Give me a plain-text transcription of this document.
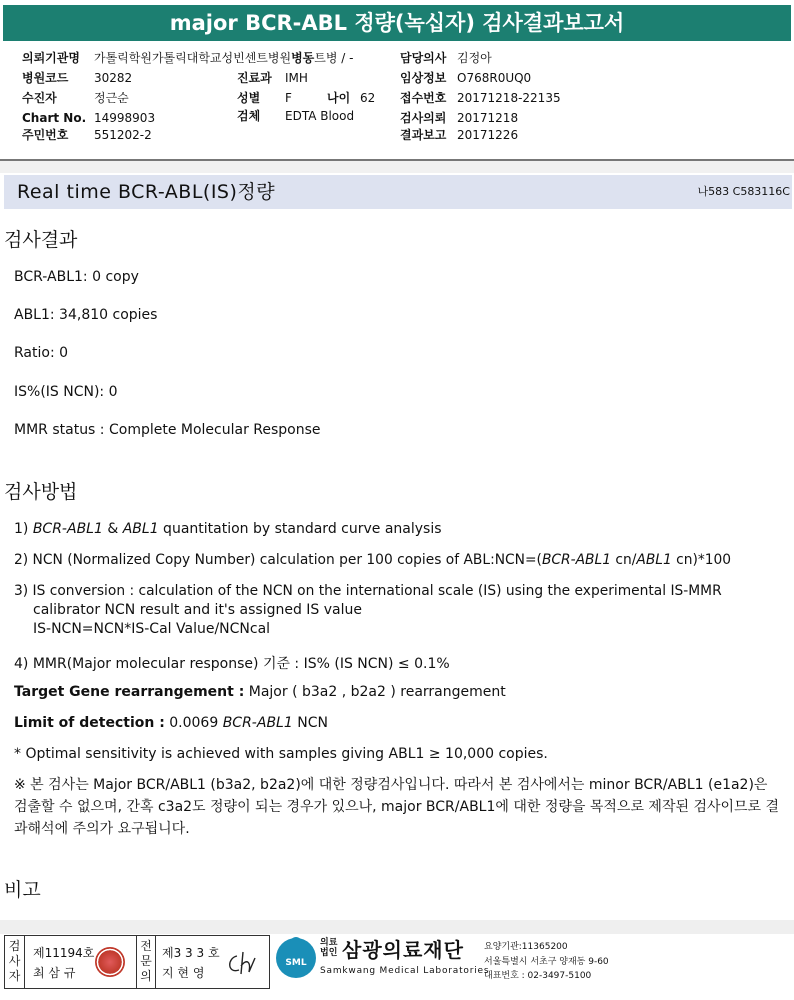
major BCR-ABL 정량(녹십자) 검사결과보고서
의뢰기관명 가톨릭학원가톨릭대학교성빈센트병원병동트병 / -	담당의사 김정아
병원코드 30282	진료과 IMH	임상정보 O768R0UQ0
수진자	정근순	성별 F	나이 62 접수번호 20171218-22135
Chart No. 14998903	검체 EDTA Blood	검사의뢰 20171218
주민번호 551202-2	결과보고 20171226
Real time BCR-ABL(IS)정량	나583 C583116C
검사결과
BCR-ABL1: 0 copy
ABL1: 34,810 copies
Ratio: 0
IS%(IS NCN): 0
MMR status : Complete Molecular Response
검사방법
1) BCR-ABL1 & ABL1 quantitation by standard curve analysis
2) NCN (Normalized Copy Number) calculation per 100 copies of ABL:NCN=(BCR-ABL1 cn/ABL1 cn)*100
3) IS conversion : calculation of the NCN on the international scale (IS) using the experimental IS-MMR
calibrator NCN result and it's assigned IS value
IS-NCN=NCN*IS-Cal Value/NCNcal
4) MMR(Major molecular response) 기준 : IS% (IS NCN) ≤ 0.1%
Target Gene rearrangement : Major ( b3a2 , b2a2 ) rearrangement
Limit of detection : 0.0069 BCR-ABL1 NCN
* Optimal sensitivity is achieved with samples giving ABL1 ≥ 10,000 copies.
※ 본 검사는 Major BCR/ABL1 (b3a2, b2a2)에 대한 정량검사입니다. 따라서 본 검사에서는 minor BCR/ABL1 (e1a2)은 검출할 수 없으며, 간혹 c3a2도 정량이 되는 경우가 있으나, major BCR/ABL1에 대한 정량을 목적으로 제작된 검사이므로 결과해석에 주의가 요구됩니다.
비고
검사자
제11194호
최 삼 규
전문의
제3 3 3 호
지 현 영
SML
의료법인 삼광의료재단
Samkwang Medical Laboratories
요양기관:11365200
서울특별시 서초구 양재동 9-60
대표번호 : 02-3497-5100
